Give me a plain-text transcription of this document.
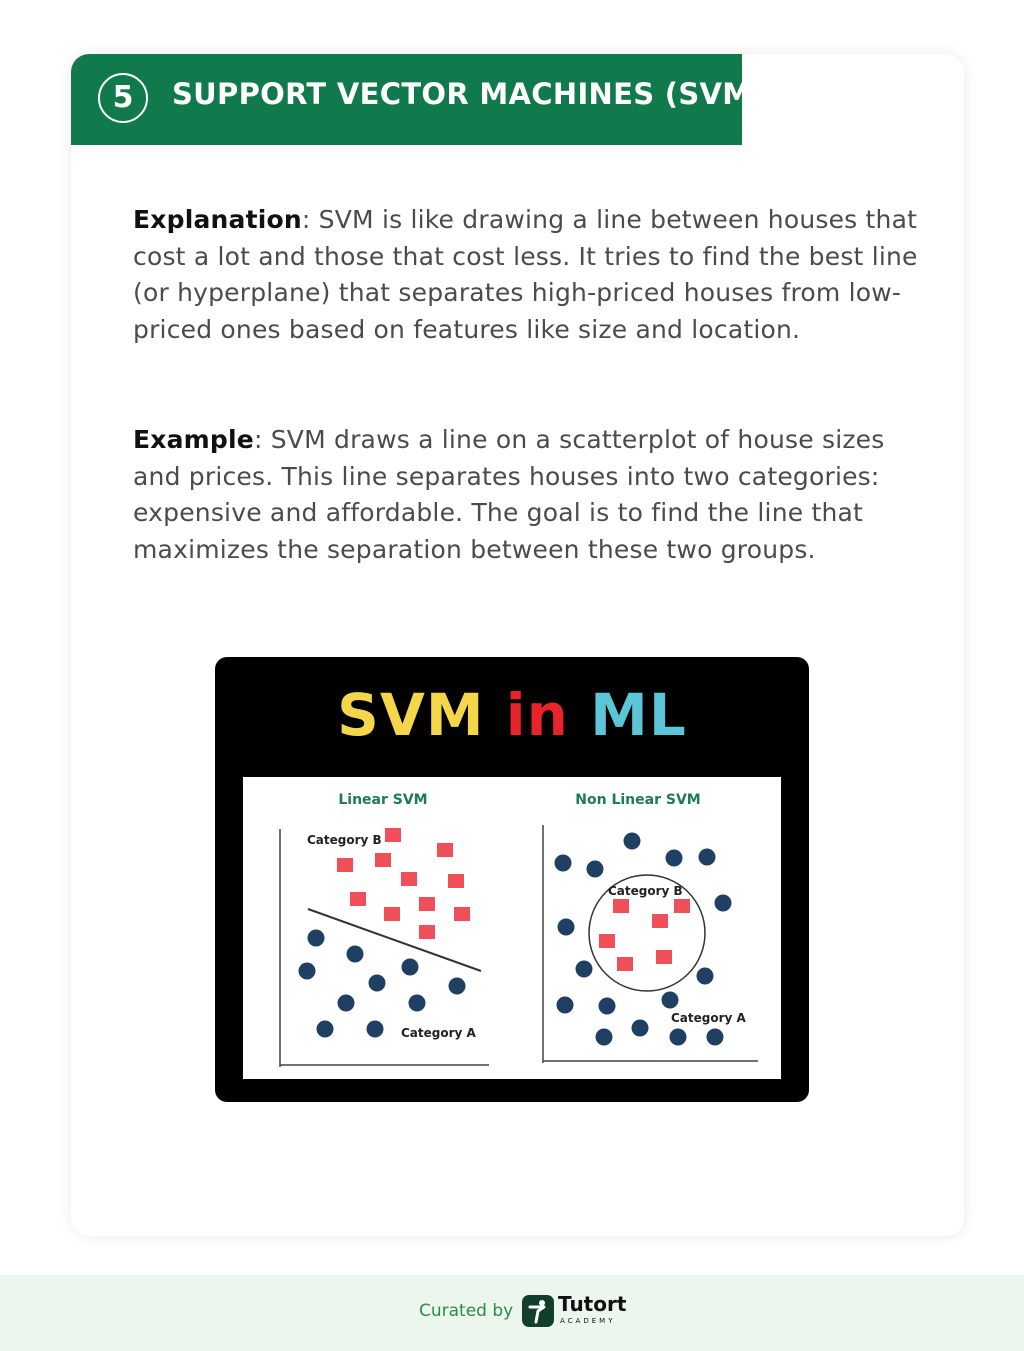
5	SUPPORT VECTOR MACHINES (SVM)

Explanation: SVM is like drawing a line between houses that cost a lot and those that cost less. It tries to find the best line (or hyperplane) that separates high-priced houses from low-priced ones based on features like size and location.

Example: SVM draws a line on a scatterplot of house sizes and prices. This line separates houses into two categories: expensive and affordable. The goal is to find the line that maximizes the separation between these two groups.

SVM in ML
Linear SVM
Category B
Category A
Non Linear SVM
Category B
Category A
Curated by Tutort
ACADEMY
